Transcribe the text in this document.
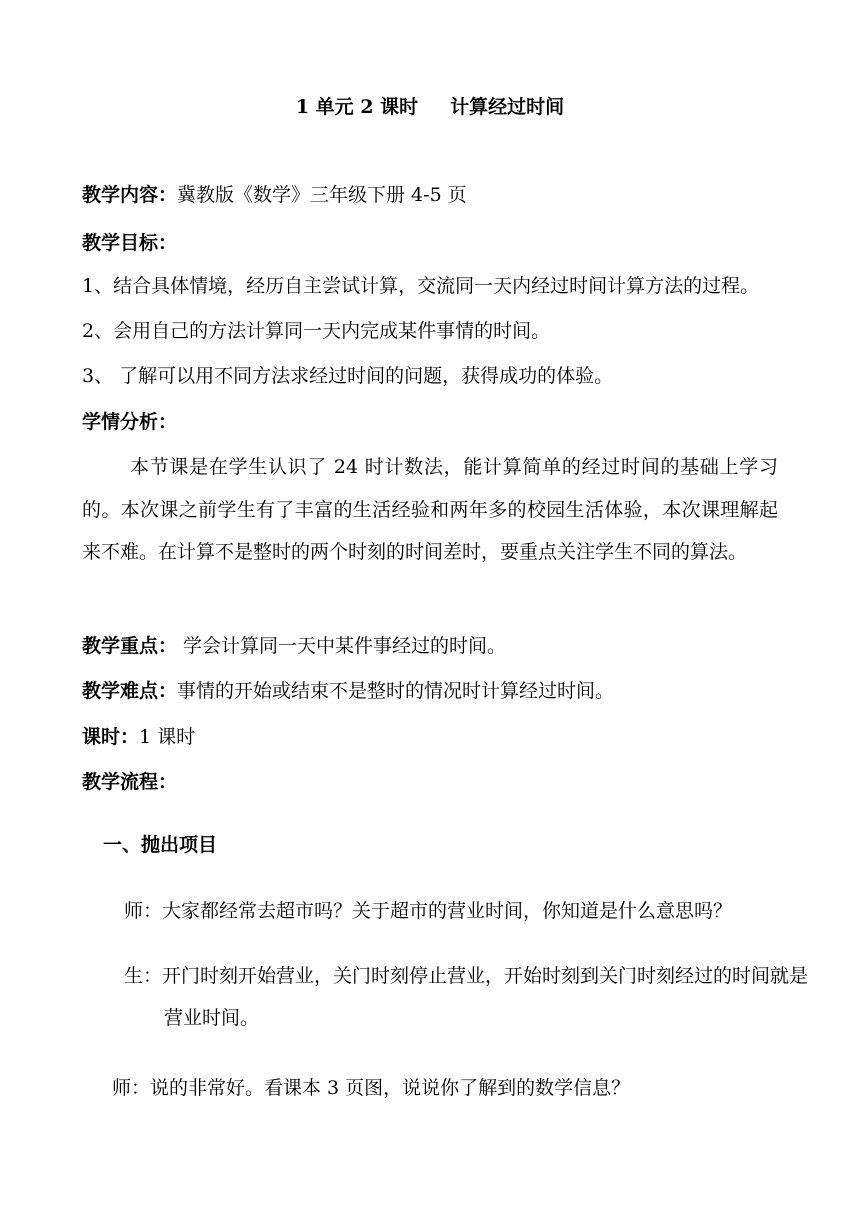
1 单元 2 课时 计算经过时间
教学内容：冀教版《数学》三年级下册 4-5 页
教学目标：
1、结合具体情境，经历自主尝试计算，交流同一天内经过时间计算方法的过程。
2、会用自己的方法计算同一天内完成某件事情的时间。
3、 了解可以用不同方法求经过时间的问题，获得成功的体验。
学情分析：
本节课是在学生认识了 24 时计数法，能计算简单的经过时间的基础上学习的。本次课之前学生有了丰富的生活经验和两年多的校园生活体验，本次课理解起来不难。在计算不是整时的两个时刻的时间差时，要重点关注学生不同的算法。
教学重点： 学会计算同一天中某件事经过的时间。
教学难点：事情的开始或结束不是整时的情况时计算经过时间。
课时：1 课时
教学流程：
一、抛出项目
师：大家都经常去超市吗？关于超市的营业时间，你知道是什么意思吗？
生：开门时刻开始营业，关门时刻停止营业，开始时刻到关门时刻经过的时间就是营业时间。
师：说的非常好。看课本 3 页图，说说你了解到的数学信息？
